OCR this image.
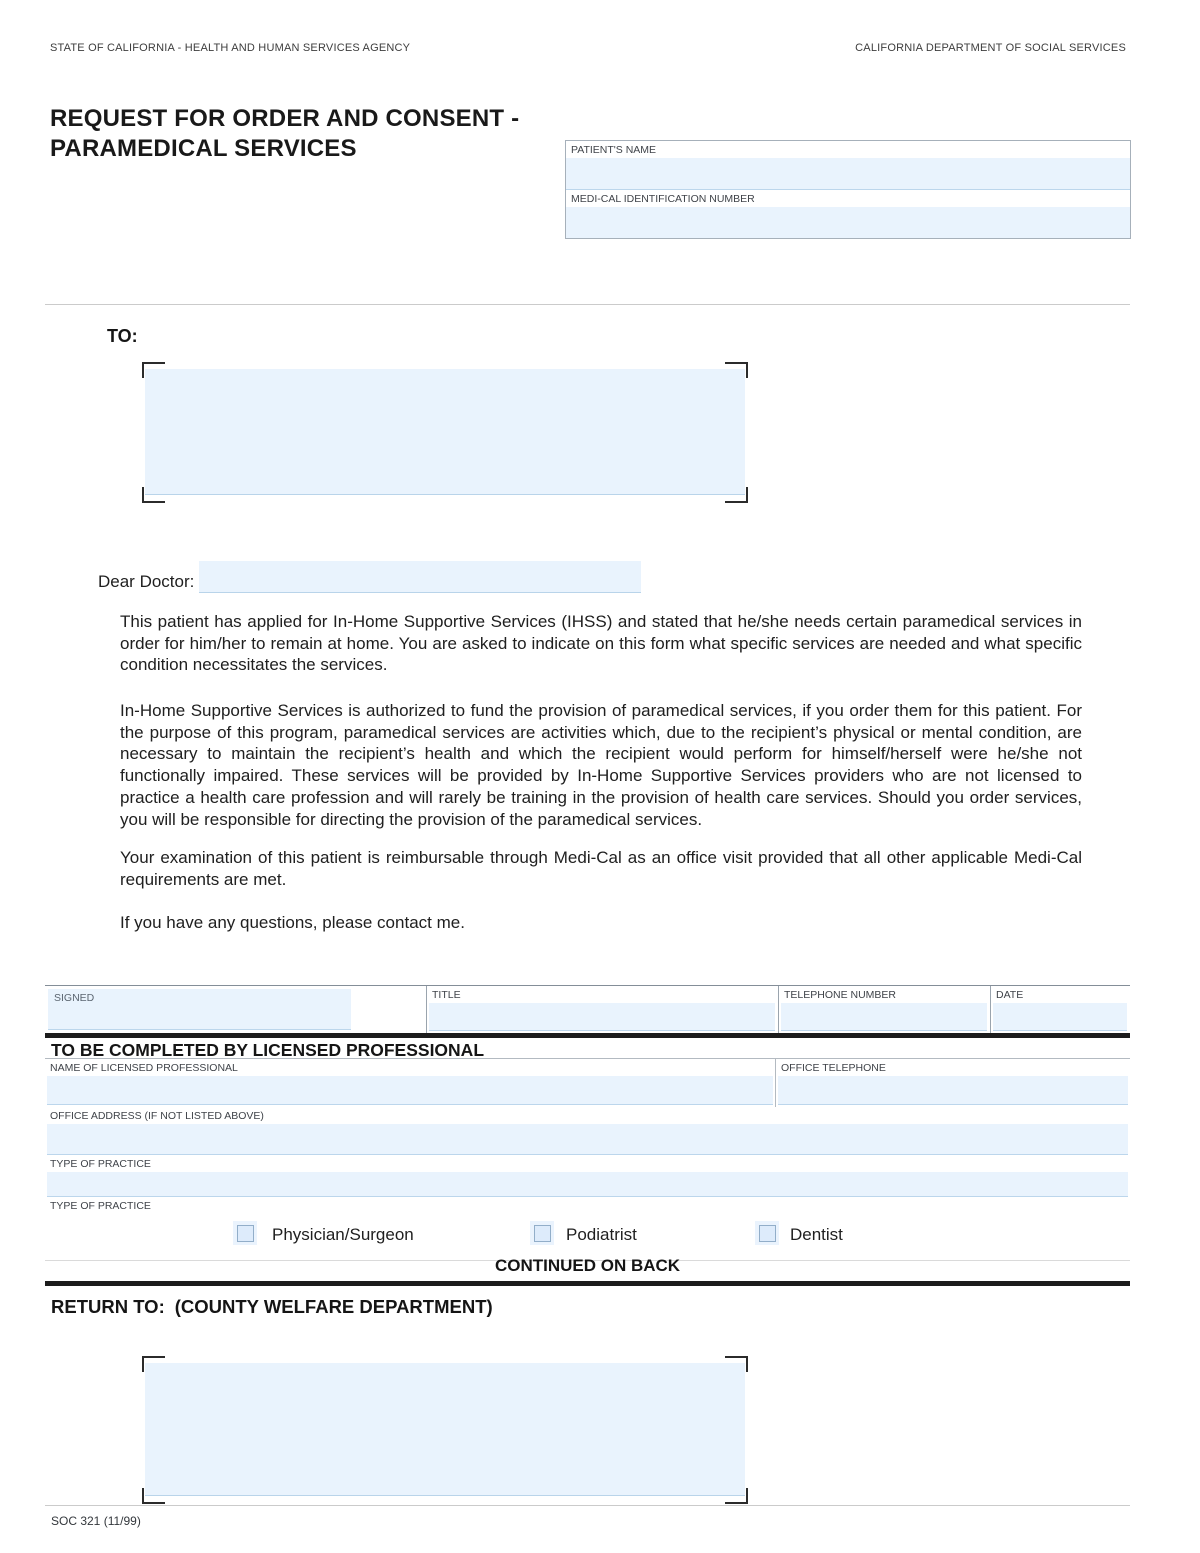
STATE OF CALIFORNIA - HEALTH AND HUMAN SERVICES AGENCY	CALIFORNIA DEPARTMENT OF SOCIAL SERVICES
REQUEST FOR ORDER AND CONSENT -
PARAMEDICAL SERVICES	PATIENT'S NAME
MEDI-CAL IDENTIFICATION NUMBER
TO:
Dear Doctor:
This patient has applied for In-Home Supportive Services (IHSS) and stated that he/she needs certain paramedical services in order for him/her to remain at home. You are asked to indicate on this form what specific services are needed and what specific condition necessitates the services.
In-Home Supportive Services is authorized to fund the provision of paramedical services, if you order them for this patient. For the purpose of this program, paramedical services are activities which, due to the recipient’s physical or mental condition, are necessary to maintain the recipient’s health and which the recipient would perform for himself/herself were he/she not functionally impaired. These services will be provided by In-Home Supportive Services providers who are not licensed to practice a health care profession and will rarely be training in the provision of health care services. Should you order services, you will be responsible for directing the provision of the paramedical services.
Your examination of this patient is reimbursable through Medi-Cal as an office visit provided that all other applicable Medi-Cal requirements are met.
If you have any questions, please contact me.
SIGNED	TITLE	TELEPHONE NUMBER	DATE
TO BE COMPLETED BY LICENSED PROFESSIONAL
NAME OF LICENSED PROFESSIONAL	OFFICE TELEPHONE
OFFICE ADDRESS (IF NOT LISTED ABOVE)
TYPE OF PRACTICE
TYPE OF PRACTICE
Physician/Surgeon	Podiatrist	Dentist
CONTINUED ON BACK
RETURN TO: (COUNTY WELFARE DEPARTMENT)
SOC 321 (11/99)
